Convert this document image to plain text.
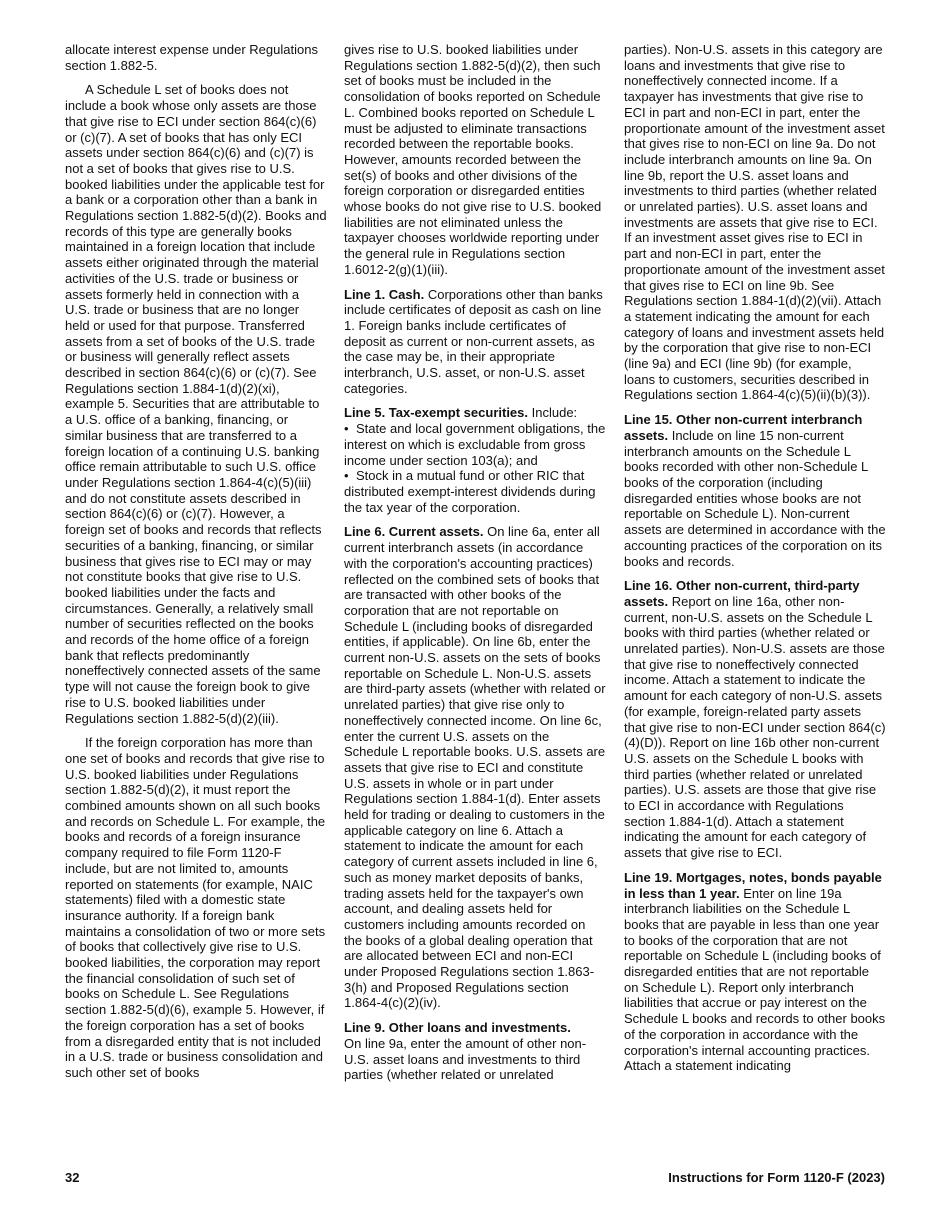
allocate interest expense under Regulations section 1.882-5.

A Schedule L set of books does not include a book whose only assets are those that give rise to ECI under section 864(c)(6) or (c)(7). A set of books that has only ECI assets under section 864(c)(6) and (c)(7) is not a set of books that gives rise to U.S. booked liabilities under the applicable test for a bank or a corporation other than a bank in Regulations section 1.882-5(d)(2). Books and records of this type are generally books maintained in a foreign location that include assets either originated through the material activities of the U.S. trade or business or assets formerly held in connection with a U.S. trade or business that are no longer held or used for that purpose. Transferred assets from a set of books of the U.S. trade or business will generally reflect assets described in section 864(c)(6) or (c)(7). See Regulations section 1.884-1(d)(2)(xi), example 5. Securities that are attributable to a U.S. office of a banking, financing, or similar business that are transferred to a foreign location of a continuing U.S. banking office remain attributable to such U.S. office under Regulations section 1.864-4(c)(5)(iii) and do not constitute assets described in section 864(c)(6) or (c)(7). However, a foreign set of books and records that reflects securities of a banking, financing, or similar business that gives rise to ECI may or may not constitute books that give rise to U.S. booked liabilities under the facts and circumstances. Generally, a relatively small number of securities reflected on the books and records of the home office of a foreign bank that reflects predominantly noneffectively connected assets of the same type will not cause the foreign book to give rise to U.S. booked liabilities under Regulations section 1.882-5(d)(2)(iii).

If the foreign corporation has more than one set of books and records that give rise to U.S. booked liabilities under Regulations section 1.882-5(d)(2), it must report the combined amounts shown on all such books and records on Schedule L. For example, the books and records of a foreign insurance company required to file Form 1120-F include, but are not limited to, amounts reported on statements (for example, NAIC statements) filed with a domestic state insurance authority. If a foreign bank maintains a consolidation of two or more sets of books that collectively give rise to U.S. booked liabilities, the corporation may report the financial consolidation of such set of books on Schedule L. See Regulations section 1.882-5(d)(6), example 5. However, if the foreign corporation has a set of books from a disregarded entity that is not included in a U.S. trade or business consolidation and such other set of books

gives rise to U.S. booked liabilities under Regulations section 1.882-5(d)(2), then such set of books must be included in the consolidation of books reported on Schedule L. Combined books reported on Schedule L must be adjusted to eliminate transactions recorded between the reportable books. However, amounts recorded between the set(s) of books and other divisions of the foreign corporation or disregarded entities whose books do not give rise to U.S. booked liabilities are not eliminated unless the taxpayer chooses worldwide reporting under the general rule in Regulations section 1.6012-2(g)(1)(iii).

Line 1. Cash. Corporations other than banks include certificates of deposit as cash on line 1. Foreign banks include certificates of deposit as current or non-current assets, as the case may be, in their appropriate interbranch, U.S. asset, or non-U.S. asset categories.

Line 5. Tax-exempt securities. Include:

• State and local government obligations, the interest on which is excludable from gross income under section 103(a); and
• Stock in a mutual fund or other RIC that distributed exempt-interest dividends during the tax year of the corporation.

Line 6. Current assets. On line 6a, enter all current interbranch assets (in accordance with the corporation's accounting practices) reflected on the combined sets of books that are transacted with other books of the corporation that are not reportable on Schedule L (including books of disregarded entities, if applicable). On line 6b, enter the current non-U.S. assets on the sets of books reportable on Schedule L. Non-U.S. assets are third-party assets (whether with related or unrelated parties) that give rise only to noneffectively connected income. On line 6c, enter the current U.S. assets on the Schedule L reportable books. U.S. assets are assets that give rise to ECI and constitute U.S. assets in whole or in part under Regulations section 1.884-1(d). Enter assets held for trading or dealing to customers in the applicable category on line 6. Attach a statement to indicate the amount for each category of current assets included in line 6, such as money market deposits of banks, trading assets held for the taxpayer's own account, and dealing assets held for customers including amounts recorded on the books of a global dealing operation that are allocated between ECI and non-ECI under Proposed Regulations section 1.863-3(h) and Proposed Regulations section 1.864-4(c)(2)(iv).

Line 9. Other loans and investments.
On line 9a, enter the amount of other non-U.S. asset loans and investments to third parties (whether related or unrelated

parties). Non-U.S. assets in this category are loans and investments that give rise to noneffectively connected income. If a taxpayer has investments that give rise to ECI in part and non-ECI in part, enter the proportionate amount of the investment asset that gives rise to non-ECI on line 9a. Do not include interbranch amounts on line 9a. On line 9b, report the U.S. asset loans and investments to third parties (whether related or unrelated parties). U.S. asset loans and investments are assets that give rise to ECI. If an investment asset gives rise to ECI in part and non-ECI in part, enter the proportionate amount of the investment asset that gives rise to ECI on line 9b. See Regulations section 1.884-1(d)(2)(vii). Attach a statement indicating the amount for each category of loans and investment assets held by the corporation that give rise to non-ECI (line 9a) and ECI (line 9b) (for example, loans to customers, securities described in Regulations section 1.864-4(c)(5)(ii)(b)(3)).

Line 15. Other non-current interbranch assets. Include on line 15 non-current interbranch amounts on the Schedule L books recorded with other non-Schedule L books of the corporation (including disregarded entities whose books are not reportable on Schedule L). Non-current assets are determined in accordance with the accounting practices of the corporation on its books and records.

Line 16. Other non-current, third-party assets. Report on line 16a, other non-current, non-U.S. assets on the Schedule L books with third parties (whether related or unrelated parties). Non-U.S. assets are those that give rise to noneffectively connected income. Attach a statement to indicate the amount for each category of non-U.S. assets (for example, foreign-related party assets that give rise to non-ECI under section 864(c)(4)(D)). Report on line 16b other non-current U.S. assets on the Schedule L books with third parties (whether related or unrelated parties). U.S. assets are those that give rise to ECI in accordance with Regulations section 1.884-1(d). Attach a statement indicating the amount for each category of assets that give rise to ECI.

Line 19. Mortgages, notes, bonds payable in less than 1 year. Enter on line 19a interbranch liabilities on the Schedule L books that are payable in less than one year to books of the corporation that are not reportable on Schedule L (including books of disregarded entities that are not reportable on Schedule L). Report only interbranch liabilities that accrue or pay interest on the Schedule L books and records to other books of the corporation in accordance with the corporation's internal accounting practices. Attach a statement indicating

32	Instructions for Form 1120-F (2023)
